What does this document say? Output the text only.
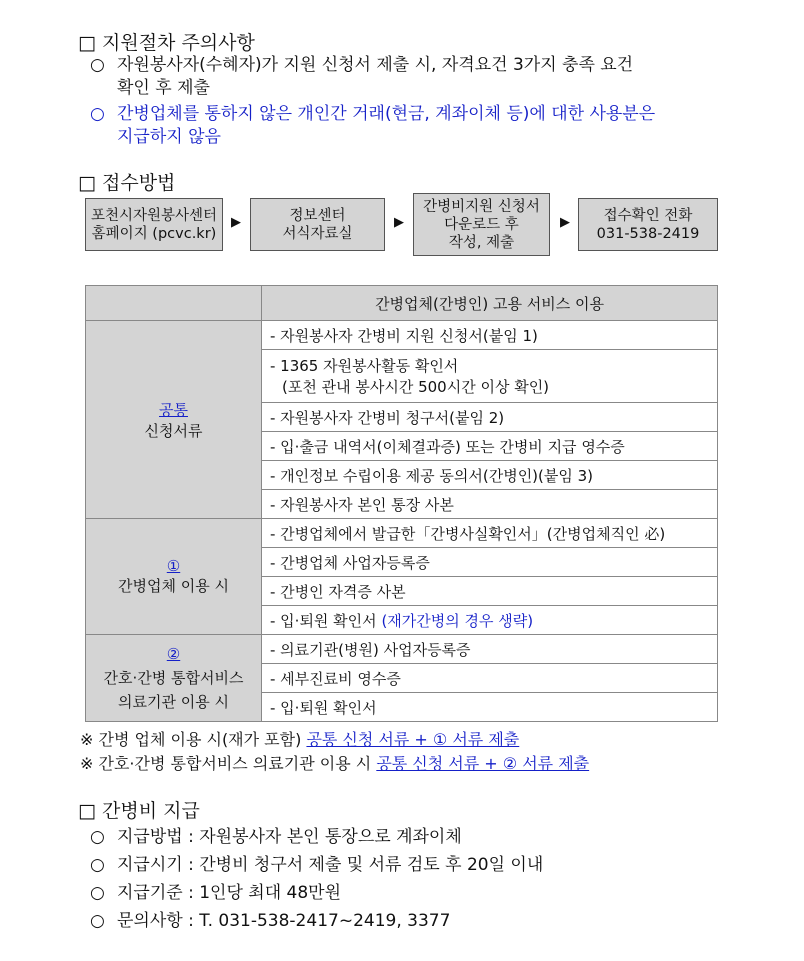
□ 지원절차 주의사항
○ 자원봉사자(수혜자)가 지원 신청서 제출 시, 자격요건 3가지 충족 요건
확인 후 제출
○ 간병업체를 통하지 않은 개인간 거래(현금, 계좌이체 등)에 대한 사용분은
지급하지 않음
□ 접수방법
포천시자원봉사센터
홈페이지 (pcvc.kr)
▶	정보센터
서식자료실
▶
간병비지원 신청서
다운로드 후
작성, 제출
▶	접수확인 전화
031-538-2419
	간병업체(간병인) 고용 서비스 이용

공통
신청서류	- 자원봉사자 간병비 지원 신청서(붙임 1)

	- 1365 자원봉사활동 확인서
(포천 관내 봉사시간 500시간 이상 확인)

	- 자원봉사자 간병비 청구서(붙임 2)
	- 입·출금 내역서(이체결과증) 또는 간병비 지급 영수증
	- 개인정보 수립이용 제공 동의서(간병인)(붙임 3)
	- 자원봉사자 본인 통장 사본

①
간병업체 이용 시	- 간병업체에서 발급한「간병사실확인서」(간병업체직인 必)
	- 간병업체 사업자등록증
	- 간병인 자격증 사본
	- 입·퇴원 확인서 (재가간병의 경우 생략)

②
간호·간병 통합서비스
의료기관 이용 시	- 의료기관(병원) 사업자등록증
	- 세부진료비 영수증
	- 입·퇴원 확인서
※ 간병 업체 이용 시(재가 포함) 공통 신청 서류 + ① 서류 제출
※ 간호·간병 통합서비스 의료기관 이용 시 공통 신청 서류 + ② 서류 제출
□ 간병비 지급
○ 지급방법 : 자원봉사자 본인 통장으로 계좌이체
○ 지급시기 : 간병비 청구서 제출 및 서류 검토 후 20일 이내
○ 지급기준 : 1인당 최대 48만원
○ 문의사항 : T. 031-538-2417~2419, 3377
